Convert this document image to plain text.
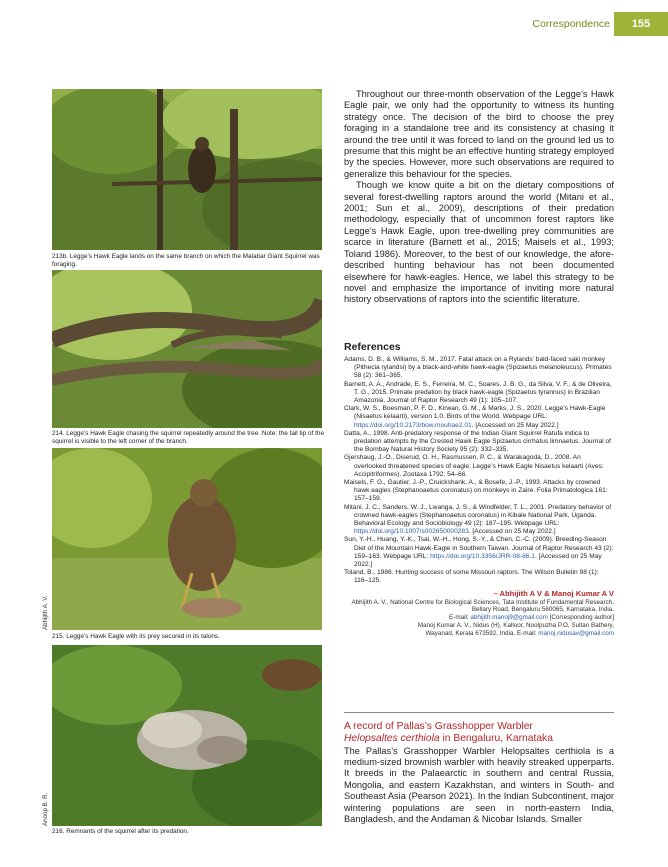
Correspondence	155
213b. Legge’s Hawk Eagle lands on the same branch on which the Malabar Giant Squirrel was foraging.
214. Legge’s Hawk Eagle chasing the squirrel repeatedly around the tree. Note: the tail tip of the squirrel is visible to the left corner of the branch.
Abhijith A. V.
215. Legge’s Hawk Eagle with its prey secured in its talons.
Anoop B. R.
216. Remnants of the squirrel after its predation.

Throughout our three-month observation of the Legge’s Hawk Eagle pair, we only had the opportunity to witness its hunting strategy once. The decision of the bird to choose the prey foraging in a standalone tree and its consistency at chasing it around the tree until it was forced to land on the ground led us to presume that this might be an effective hunting strategy employed by the species. However, more such observations are required to generalize this behaviour for the species.

Though we know quite a bit on the dietary compositions of several forest-dwelling raptors around the world (Mitani et al., 2001; Sun et al., 2009), descriptions of their predation methodology, especially that of uncommon forest raptors like Legge’s Hawk Eagle, upon tree-dwelling prey communities are scarce in literature (Barnett et al., 2015; Maisels et al., 1993; Toland 1986). Moreover, to the best of our knowledge, the afore-described hunting behaviour has not been documented elsewhere for hawk-eagles. Hence, we label this strategy to be novel and emphasize the importance of inviting more natural history observations of raptors into the scientific literature.

References

Adams, D. B., & Williams, S. M., 2017. Fatal attack on a Rylands’ bald-faced saki monkey (Pithecia rylandsi) by a black-and-white hawk-eagle (Spizaetus melanoleucus). Primates 58 (2): 361–365.

Barnett, A. A., Andrade, E. S., Ferreira, M. C., Soares, J. B. G., da Silva, V. F., & de Oliveira, T. G., 2015. Primate predation by black hawk-eagle (Spizaetus tyrannus) in Brazilian Amazonia. Journal of Raptor Research 49 (1): 105–107.

Clark, W. S., Boesman, P. F. D., Kirwan, G. M., & Marks, J. S., 2020. Legge’s Hawk-Eagle (Nisaetus kelaarti), version 1.0. Birds of the World. Webpage URL: https://doi.org/10.2173/bow.mouhae2.01. [Accessed on 25 May 2022.]

Datta, A., 1998. Anti-predatory response of the Indian Giant Squirrel Ratufa indica to predation attempts by the Crested Hawk Eagle Spizaetus cirrhatus limnaetus. Journal of the Bombay Natural History Society 95 (2): 332–335.

Gjershaug, J.-O., Diserud, O. H., Rasmussen, P. C., & Warakagoda, D., 2008. An overlooked threatened species of eagle: Legge’s Hawk Eagle Nisaetus kelaarti (Aves: Accipitriformes). Zootaxa 1792: 54–66.

Maisels, F. G., Gautier, J.-P., Cruickshank, A., & Bosefe, J.-P., 1993. Attacks by crowned hawk eagles (Stephanoaetus coronatus) on monkeys in Zaire. Folia Primatologica 161: 157–159.

Mitani, J. C., Sanders, W. J., Lwanga, J. S., & Windfelder, T. L., 2001. Predatory behavior of crowned hawk-eagles (Stephanoaetus coronatus) in Kibale National Park, Uganda. Behavioral Ecology and Sociobiology 49 (2): 187–195. Webpage URL: https://doi.org/10.1007/s002650000283. [Accessed on 25 May 2022.]

Sun, Y.-H., Huang, Y.-K., Tsai, W.-H., Hong, S.-Y., & Chen, C.-C. (2009). Breeding-Season Diet of the Mountain Hawk-Eagle in Southern Taiwan. Journal of Raptor Research 43 (2): 159–163. Webpage URL: https://doi.org/10.3356/JRR-08-86.1. [Accessed on 25 May 2022.]

Toland, B., 1986. Hunting success of some Missouri raptors. The Wilson Bulletin 98 (1): 116–125.

– Abhijith A V & Manoj Kumar A V
Abhijith A. V., National Centre for Biological Sciences, Tata Institute of Fundamental Research,
Bellary Road, Bengaluru 560065, Karnataka, India.
E-mail: abhijith.manoj9@gmail.com [Corresponding author]
Manoj Kumar A. V., Nidus (H), Kalloor, Noolpuzha P.O, Sultan Bathery,
Wayanad, Kerala 673592, India. E-mail: manoj.nidusav@gmail.com
A record of Pallas’s Grasshopper Warbler
Helopsaltes certhiola in Bengaluru, Karnataka

The Pallas’s Grasshopper Warbler Helopsaltes certhiola is a medium-sized brownish warbler with heavily streaked upperparts. It breeds in the Palaearctic in southern and central Russia, Mongolia, and eastern Kazakhstan, and winters in South- and Southeast Asia (Pearson 2021). In the Indian Subcontinent, major wintering populations are seen in north-eastern India, Bangladesh, and the Andaman & Nicobar Islands. Smaller
